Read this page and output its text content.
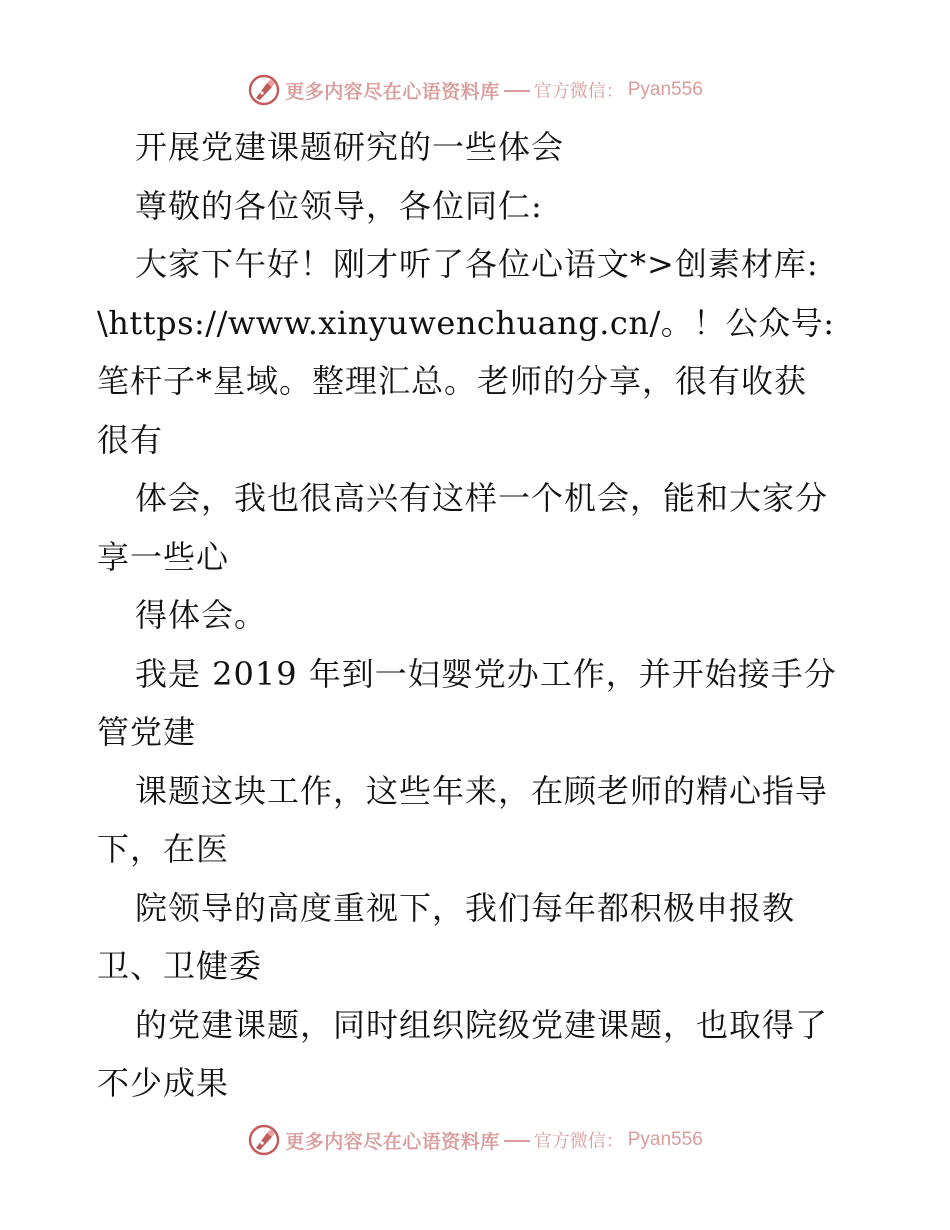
更多内容尽在心语资料库 官方微信： Pyan556
开展党建课题研究的一些体会
尊敬的各位领导，各位同仁:
大家下午好！刚才听了各位心语文*>创素材库:
\https://www.xinyuwenchuang.cn/。！公众号:
笔杆子*星域。整理汇总。老师的分享，很有收获
很有
体会，我也很高兴有这样一个机会，能和大家分
享一些心
得体会。
我是 2019 年到一妇婴党办工作，并开始接手分
管党建
课题这块工作，这些年来，在顾老师的精心指导
下，在医
院领导的高度重视下，我们每年都积极申报教
卫、卫健委
的党建课题，同时组织院级党建课题，也取得了
不少成果
更多内容尽在心语资料库 官方微信： Pyan556
